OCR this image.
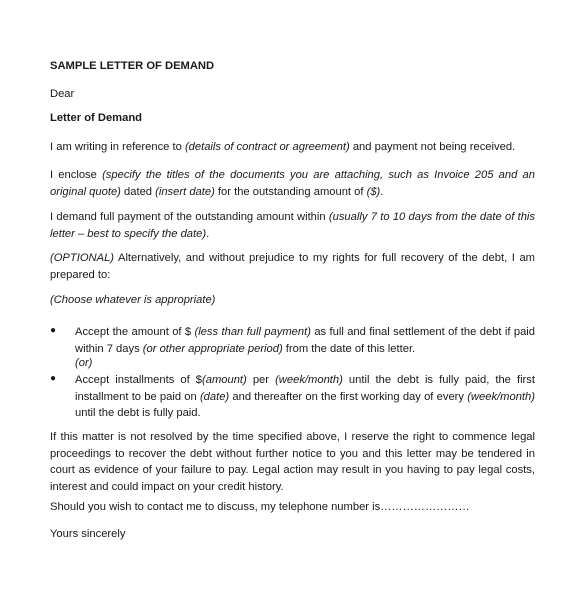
SAMPLE LETTER OF DEMAND

Dear

Letter of Demand

I am writing in reference to (details of contract or agreement) and payment not being received.

I enclose (specify the titles of the documents you are attaching, such as Invoice 205 and an original quote) dated (insert date) for the outstanding amount of ($).

I demand full payment of the outstanding amount within (usually 7 to 10 days from the date of this letter – best to specify the date).

(OPTIONAL) Alternatively, and without prejudice to my rights for full recovery of the debt, I am prepared to:

(Choose whatever is appropriate)

● Accept the amount of $ (less than full payment) as full and final settlement of the debt if paid within 7 days (or other appropriate period) from the date of this letter.

(or)

● Accept installments of $(amount) per (week/month) until the debt is fully paid, the first installment to be paid on (date) and thereafter on the first working day of every (week/month) until the debt is fully paid.

If this matter is not resolved by the time specified above, I reserve the right to commence legal proceedings to recover the debt without further notice to you and this letter may be tendered in court as evidence of your failure to pay. Legal action may result in you having to pay legal costs, interest and could impact on your credit history.

Should you wish to contact me to discuss, my telephone number is……………………

Yours sincerely
